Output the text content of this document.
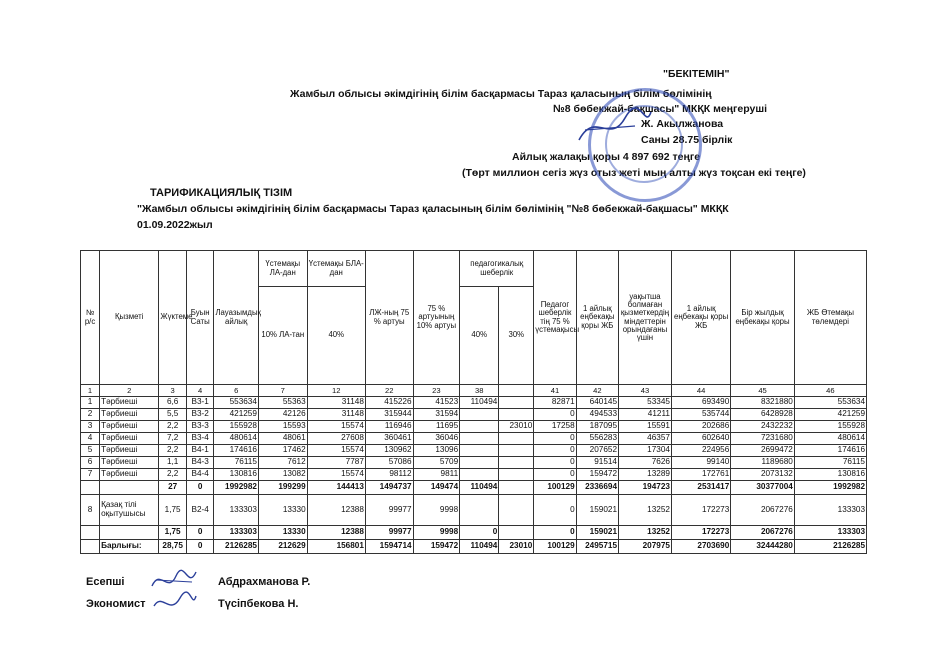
"БЕКІТЕМІН"
Жамбыл облысы әкімдігінің білім басқармасы Тараз қаласының білім бөлімінің
№8 бөбекжай-бақшасы" МКҚК меңгеруші
Ж. Акылжанова
Саны 28.75 бірлік
Айлық жалақы қоры 4 897 692 теңге
(Төрт миллион сегіз жүз отыз жеті мың алты жүз тоқсан екі теңге)
ТАРИФИКАЦИЯЛЫҚ ТІЗІМ
"Жамбыл облысы әкімдігінің білім басқармасы Тараз қаласының білім бөлімінің "№8 бөбекжай-бақшасы" МКҚК
01.09.2022жыл
№ р/с	Қызметі	Жүктеме	Буын Саты	Лауазымдық айлық	Үстемақы ЛА-дан	Үстемақы БЛА-дан	ЛЖ-ның 75 % артуы	75 % артуының 10% артуы	педагогикалық шеберлік		Педагог шеберлік тің 75 % үстемақысы	1 айлық еңбекақы қоры ЖБ	уақытша болмаған қызметкердің міндеттерін орындағаны үшін	1 айлық еңбекақы қоры ЖБ	Бір жылдық еңбекақы қоры	ЖБ Өтемақы төлемдері
					10% ЛА-тан	40%			40%	30%						
1	2	3	4	6	7	12	22	23	38		41	42	43	44	45	46
1	Тәрбиеші	6,6	В3-1	553634	55363	31148	415226	41523	110494		82871	640145	53345	693490	8321880	553634
2	Тәрбиеші	5,5	В3-2	421259	42126	31148	315944	31594			0	494533	41211	535744	6428928	421259
3	Тәрбиеші	2,2	В3-3	155928	15593	15574	116946	11695		23010	17258	187095	15591	202686	2432232	155928
4	Тәрбиеші	7,2	В3-4	480614	48061	27608	360461	36046			0	556283	46357	602640	7231680	480614
5	Тәрбиеші	2,2	В4-1	174616	17462	15574	130962	13096			0	207652	17304	224956	2699472	174616
6	Тәрбиеші	1,1	В4-3	76115	7612	7787	57086	5709			0	91514	7626	99140	1189680	76115
7	Тәрбиеші	2,2	В4-4	130816	13082	15574	98112	9811			0	159472	13289	172761	2073132	130816
		27	0	1992982	199299	144413	1494737	149474	110494		100129	2336694	194723	2531417	30377004	1992982
8	Қазақ тілі оқытушысы	1,75	В2-4	133303	13330	12388	99977	9998			0	159021	13252	172273	2067276	133303
		1,75	0	133303	13330	12388	99977	9998	0		0	159021	13252	172273	2067276	133303
	Барлығы:	28,75	0	2126285	212629	156801	1594714	159472	110494	23010	100129	2495715	207975	2703690	32444280	2126285
Есепші	Абдрахманова Р.
Экономист	Түсіпбекова Н.
